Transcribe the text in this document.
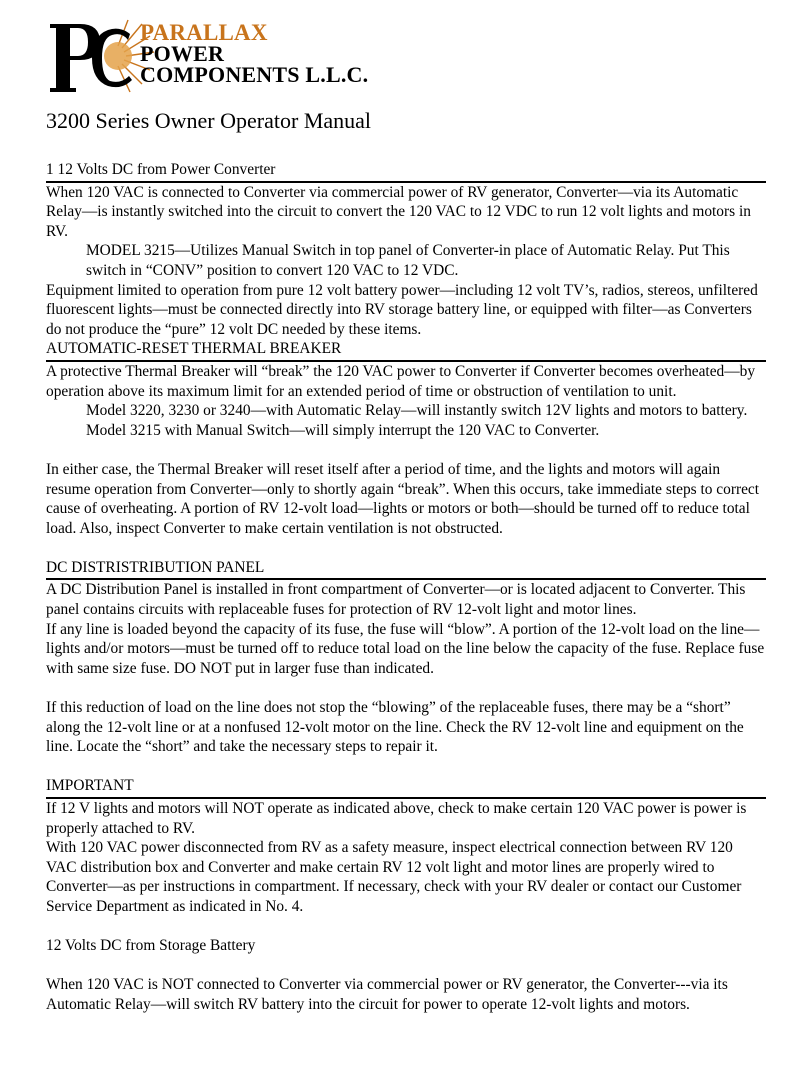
PARALLAX
POWER
COMPONENTS L.L.C.
3200 Series Owner Operator Manual

1 12 Volts DC from Power Converter

When 120 VAC is connected to Converter via commercial power of RV generator, Converter—via its Automatic Relay—is instantly switched into the circuit to convert the 120 VAC to 12 VDC to run 12 volt lights and motors in RV.

MODEL 3215—Utilizes Manual Switch in top panel of Converter-in place of Automatic Relay. Put This switch in “CONV” position to convert 120 VAC to 12 VDC.

Equipment limited to operation from pure 12 volt battery power—including 12 volt TV’s, radios, stereos, unfiltered fluorescent lights—must be connected directly into RV storage battery line, or equipped with filter—as Converters do not produce the “pure” 12 volt DC needed by these items.

AUTOMATIC-RESET THERMAL BREAKER

A protective Thermal Breaker will “break” the 120 VAC power to Converter if Converter becomes overheated—by operation above its maximum limit for an extended period of time or obstruction of ventilation to unit.

Model 3220, 3230 or 3240—with Automatic Relay—will instantly switch 12V lights and motors to battery.

Model 3215 with Manual Switch—will simply interrupt the 120 VAC to Converter.

In either case, the Thermal Breaker will reset itself after a period of time, and the lights and motors will again resume operation from Converter—only to shortly again “break”. When this occurs, take immediate steps to correct cause of overheating. A portion of RV 12-volt load—lights or motors or both—should be turned off to reduce total load. Also, inspect Converter to make certain ventilation is not obstructed.

DC DISTRISTRIBUTION PANEL

A DC Distribution Panel is installed in front compartment of Converter—or is located adjacent to Converter. This panel contains circuits with replaceable fuses for protection of RV 12-volt light and motor lines.

If any line is loaded beyond the capacity of its fuse, the fuse will “blow”. A portion of the 12-volt load on the line—lights and/or motors—must be turned off to reduce total load on the line below the capacity of the fuse. Replace fuse with same size fuse. DO NOT put in larger fuse than indicated.

If this reduction of load on the line does not stop the “blowing” of the replaceable fuses, there may be a “short” along the 12-volt line or at a nonfused 12-volt motor on the line. Check the RV 12-volt line and equipment on the line. Locate the “short” and take the necessary steps to repair it.

IMPORTANT

If 12 V lights and motors will NOT operate as indicated above, check to make certain 120 VAC power is power is properly attached to RV.

With 120 VAC power disconnected from RV as a safety measure, inspect electrical connection between RV 120 VAC distribution box and Converter and make certain RV 12 volt light and motor lines are properly wired to Converter—as per instructions in compartment. If necessary, check with your RV dealer or contact our Customer Service Department as indicated in No. 4.

12 Volts DC from Storage Battery

When 120 VAC is NOT connected to Converter via commercial power or RV generator, the Converter---via its Automatic Relay—will switch RV battery into the circuit for power to operate 12-volt lights and motors.
